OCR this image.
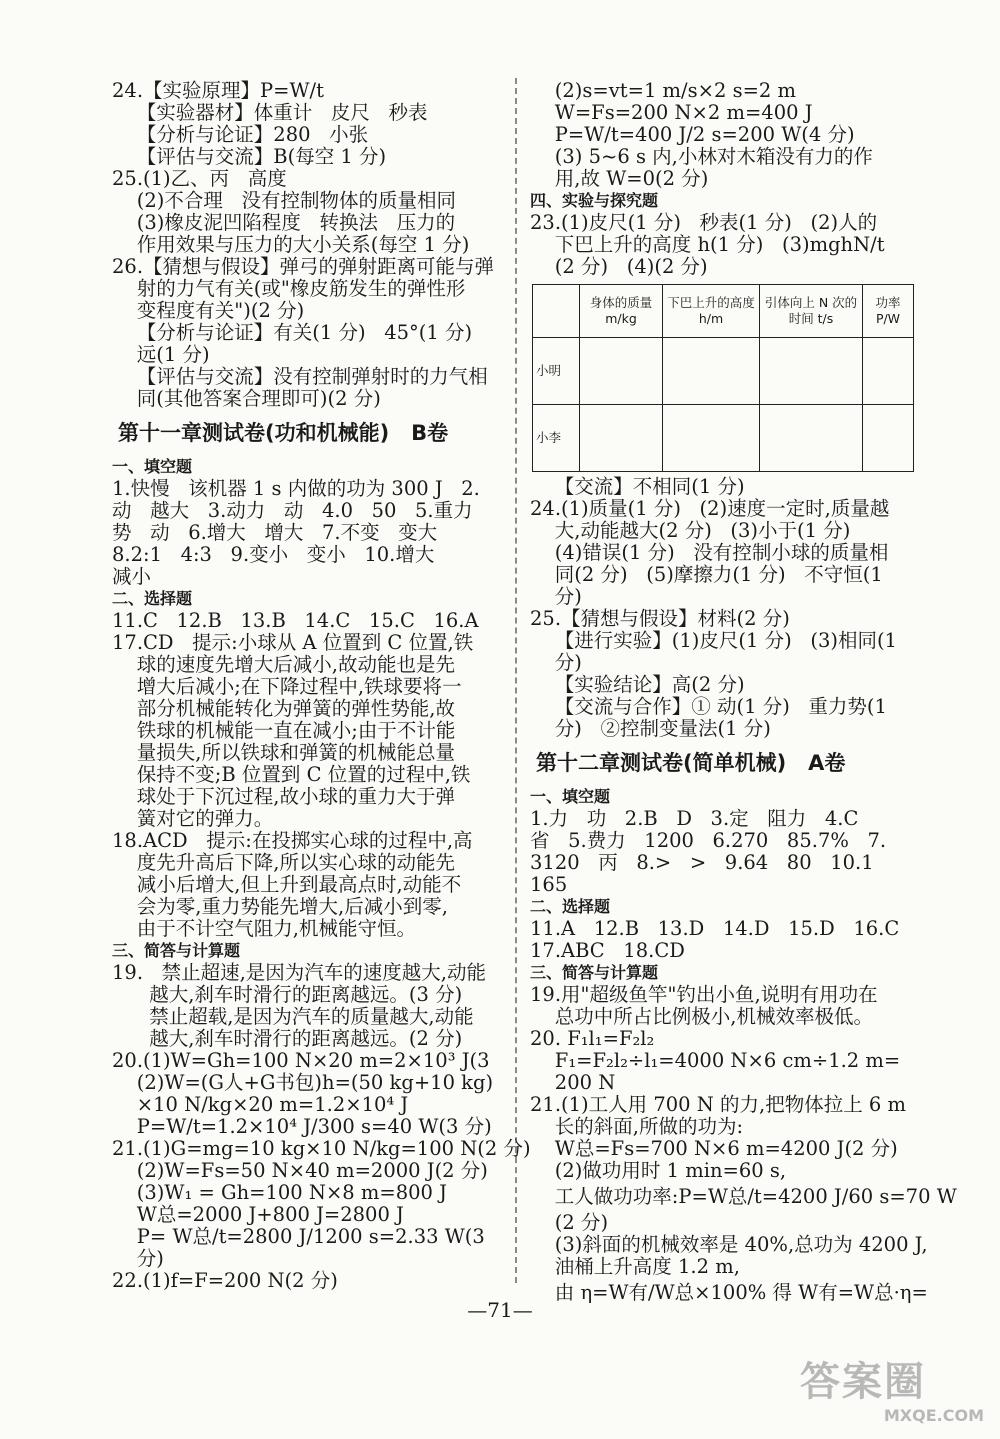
24.【实验原理】P=W/t
【实验器材】体重计   皮尺   秒表
【分析与论证】280   小张
【评估与交流】B(每空 1 分)
25.(1)乙、丙   高度
(2)不合理   没有控制物体的质量相同
(3)橡皮泥凹陷程度   转换法   压力的
作用效果与压力的大小关系(每空 1 分)
26.【猜想与假设】弹弓的弹射距离可能与弹
射的力气有关(或"橡皮筋发生的弹性形
变程度有关")(2 分)
【分析与论证】有关(1 分)   45°(1 分)
远(1 分)
【评估与交流】没有控制弹射时的力气相
同(其他答案合理即可)(2 分)
第十一章测试卷(功和机械能)   B卷
一、填空题
1.快慢   该机器 1 s 内做的功为 300 J   2.
动   越大   3.动力   动   4.0   50   5.重力
势   动   6.增大   增大   7.不变   变大
8.2:1   4:3   9.变小   变小   10.增大
减小
二、选择题
11.C   12.B   13.B   14.C   15.C   16.A
17.CD   提示:小球从 A 位置到 C 位置,铁
球的速度先增大后减小,故动能也是先
增大后减小;在下降过程中,铁球要将一
部分机械能转化为弹簧的弹性势能,故
铁球的机械能一直在减小;由于不计能
量损失,所以铁球和弹簧的机械能总量
保持不变;B 位置到 C 位置的过程中,铁
球处于下沉过程,故小球的重力大于弹
簧对它的弹力。
18.ACD   提示:在投掷实心球的过程中,高
度先升高后下降,所以实心球的动能先
减小后增大,但上升到最高点时,动能不
会为零,重力势能先增大,后减小到零,
由于不计空气阻力,机械能守恒。
三、简答与计算题
19.   禁止超速,是因为汽车的速度越大,动能
越大,刹车时滑行的距离越远。(3 分)
禁止超载,是因为汽车的质量越大,动能
越大,刹车时滑行的距离越远。(2 分)
20.(1)W=Gh=100 N×20 m=2×10³ J(3
(2)W=(G人+G书包)h=(50 kg+10 kg)
×10 N/kg×20 m=1.2×10⁴ J
P=W/t=1.2×10⁴ J/300 s=40 W(3 分)
21.(1)G=mg=10 kg×10 N/kg=100 N(2 分)
(2)W=Fs=50 N×40 m=2000 J(2 分)
(3)W₁ = Gh=100 N×8 m=800 J
W总=2000 J+800 J=2800 J
P= W总/t=2800 J/1200 s=2.33 W(3
分)
22.(1)f=F=200 N(2 分)
(2)s=vt=1 m/s×2 s=2 m
W=Fs=200 N×2 m=400 J
P=W/t=400 J/2 s=200 W(4 分)
(3) 5~6 s 内,小林对木箱没有力的作
用,故 W=0(2 分)
四、实验与探究题
23.(1)皮尺(1 分)   秒表(1 分)   (2)人的
下巴上升的高度 h(1 分)   (3)mghN/t
(2 分)   (4)(2 分)
	身体的质量 m/kg	下巴上升的高度 h/m	引体向上 N 次的时间 t/s	功率 P/W
小明				
小李				
【交流】不相同(1 分)
24.(1)质量(1 分)   (2)速度一定时,质量越
大,动能越大(2 分)   (3)小于(1 分)
(4)错误(1 分)   没有控制小球的质量相
同(2 分)   (5)摩擦力(1 分)   不守恒(1
分)
25.【猜想与假设】材料(2 分)
【进行实验】(1)皮尺(1 分)   (3)相同(1
分)
【实验结论】高(2 分)
【交流与合作】① 动(1 分)   重力势(1
分)   ②控制变量法(1 分)
第十二章测试卷(简单机械)   A卷
一、填空题
1.力   功   2.B   D   3.定   阻力   4.C
省   5.费力   1200   6.270   85.7%   7.
3120   丙   8.>   >   9.64   80   10.1
165
二、选择题
11.A   12.B   13.D   14.D   15.D   16.C
17.ABC   18.CD
三、简答与计算题
19.用"超级鱼竿"钓出小鱼,说明有用功在
总功中所占比例极小,机械效率极低。
20. F₁l₁=F₂l₂
F₁=F₂l₂÷l₁=4000 N×6 cm÷1.2 m=
200 N
21.(1)工人用 700 N 的力,把物体拉上 6 m
长的斜面,所做的功为:
W总=Fs=700 N×6 m=4200 J(2 分)
(2)做功用时 1 min=60 s,
工人做功功率:P=W总/t=4200 J/60 s=70 W
(2 分)
(3)斜面的机械效率是 40%,总功为 4200 J,
油桶上升高度 1.2 m,
由 η=W有/W总×100% 得 W有=W总·η=
—71—
答案圈
MXQE.COM
